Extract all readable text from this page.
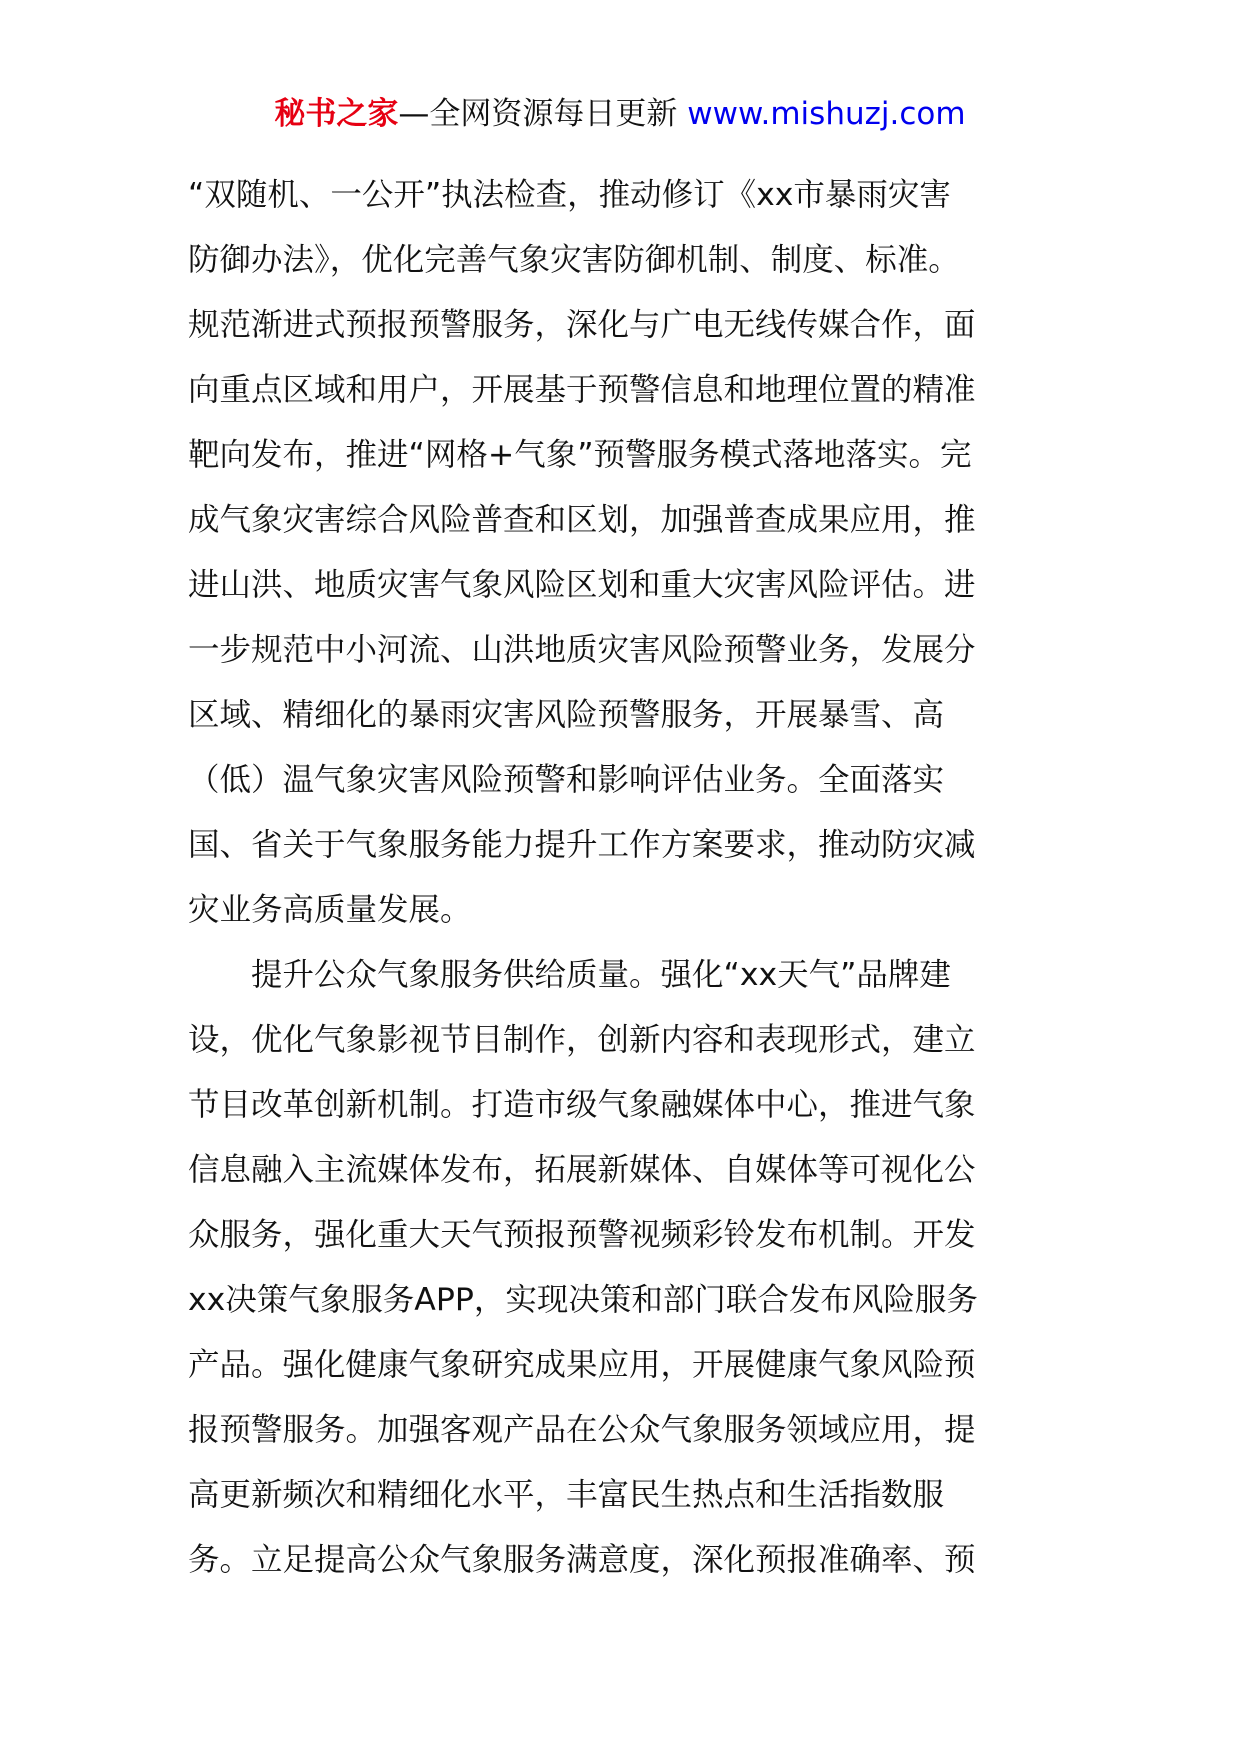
秘书之家—全网资源每日更新 www.mishuzj.com
“双随机、一公开”执法检查，推动修订《xx市暴雨灾害
防御办法》，优化完善气象灾害防御机制、制度、标准。
规范渐进式预报预警服务，深化与广电无线传媒合作，面
向重点区域和用户，开展基于预警信息和地理位置的精准
靶向发布，推进“网格+气象”预警服务模式落地落实。完
成气象灾害综合风险普查和区划，加强普查成果应用，推
进山洪、地质灾害气象风险区划和重大灾害风险评估。进
一步规范中小河流、山洪地质灾害风险预警业务，发展分
区域、精细化的暴雨灾害风险预警服务，开展暴雪、高
（低）温气象灾害风险预警和影响评估业务。全面落实
国、省关于气象服务能力提升工作方案要求，推动防灾减
灾业务高质量发展。
提升公众气象服务供给质量。强化“xx天气”品牌建
设，优化气象影视节目制作，创新内容和表现形式，建立
节目改革创新机制。打造市级气象融媒体中心，推进气象
信息融入主流媒体发布，拓展新媒体、自媒体等可视化公
众服务，强化重大天气预报预警视频彩铃发布机制。开发
xx决策气象服务APP，实现决策和部门联合发布风险服务
产品。强化健康气象研究成果应用，开展健康气象风险预
报预警服务。加强客观产品在公众气象服务领域应用，提
高更新频次和精细化水平，丰富民生热点和生活指数服
务。立足提高公众气象服务满意度，深化预报准确率、预
